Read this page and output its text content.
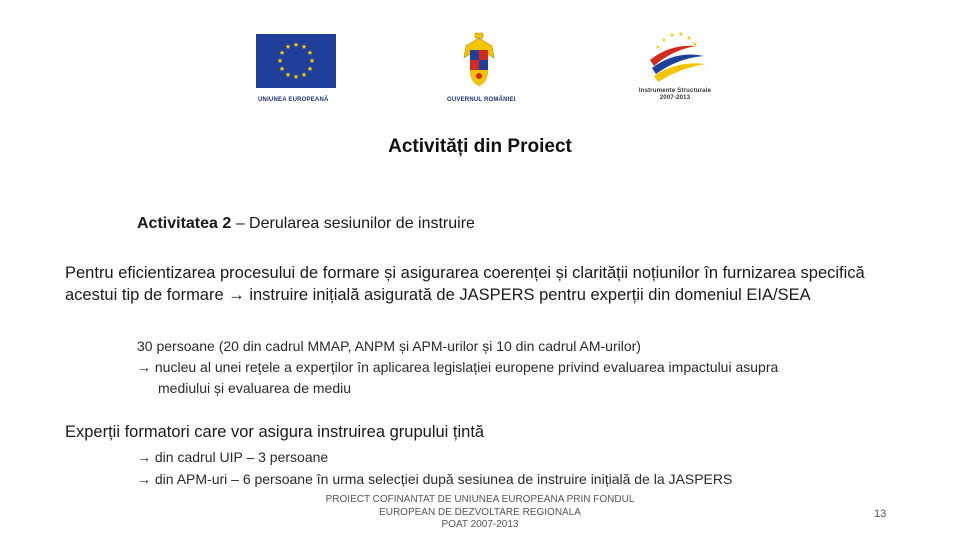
★ ★
★
★
★
★
★
★
★
★
★
★
UNIUNEA EUROPEANĂ	GUVERNUL ROMÂNIEI
★
★ ★
★
★	★
Instrumente Structurale
2007-2013
Activități din Proiect
Activitatea 2 – Derularea sesiunilor de instruire
Pentru eficientizarea procesului de formare și asigurarea coerenței și clarității noțiunilor în furnizarea specifică acestui tip de formare → instruire inițială asigurată de JASPERS pentru experții din domeniul EIA/SEA
30 persoane (20 din cadrul MMAP, ANPM și APM-urilor și 10 din cadrul AM-urilor)
→ nucleu al unei rețele a experților în aplicarea legislației europene privind evaluarea impactului asupra
mediului și evaluarea de mediu
Experții formatori care vor asigura instruirea grupului țintă
→ din cadrul UIP – 3 persoane
→ din APM-uri – 6 persoane în urma selecției după sesiunea de instruire inițială de la JASPERS
PROIECT COFINANTAT DE UNIUNEA EUROPEANA PRIN FONDUL
EUROPEAN DE DEZVOLTARE REGIONALA
POAT 2007-2013
13
